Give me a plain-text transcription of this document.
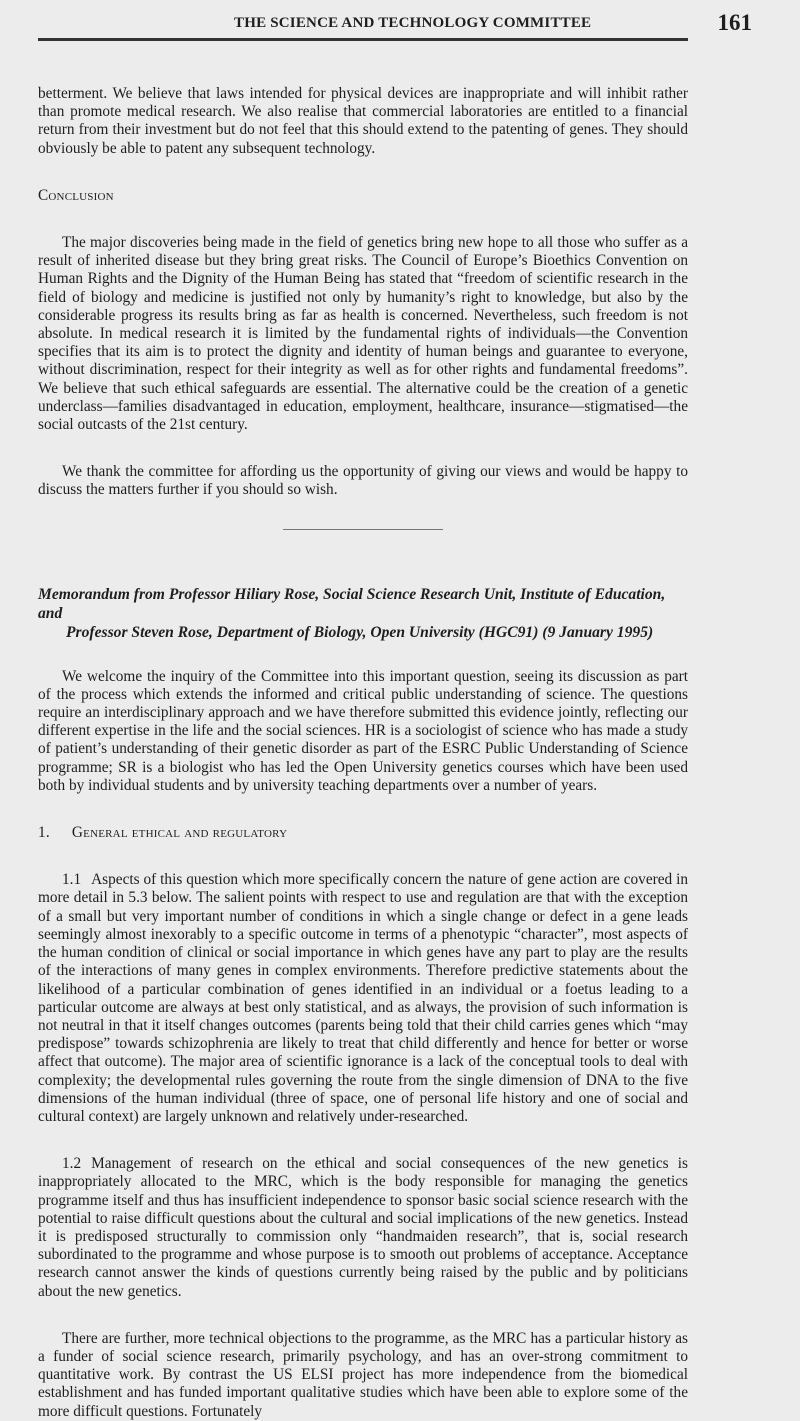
THE SCIENCE AND TECHNOLOGY COMMITTEE	161

betterment. We believe that laws intended for physical devices are inappropriate and will inhibit rather than promote medical research. We also realise that commercial laboratories are entitled to a financial return from their investment but do not feel that this should extend to the patenting of genes. They should obviously be able to patent any subsequent technology.

Conclusion

The major discoveries being made in the field of genetics bring new hope to all those who suffer as a result of inherited disease but they bring great risks. The Council of Europe’s Bioethics Convention on Human Rights and the Dignity of the Human Being has stated that “freedom of scientific research in the field of biology and medicine is justified not only by humanity’s right to knowledge, but also by the considerable progress its results bring as far as health is concerned. Nevertheless, such freedom is not absolute. In medical research it is limited by the fundamental rights of individuals—the Convention specifies that its aim is to protect the dignity and identity of human beings and guarantee to everyone, without discrimination, respect for their integrity as well as for other rights and fundamental freedoms”. We believe that such ethical safeguards are essential. The alternative could be the creation of a genetic underclass—families disadvantaged in education, employment, healthcare, insurance—stigmatised—the social outcasts of the 21st century.

We thank the committee for affording us the opportunity of giving our views and would be happy to discuss the matters further if you should so wish.

Memorandum from Professor Hiliary Rose, Social Science Research Unit, Institute of Education, and
Professor Steven Rose, Department of Biology, Open University (HGC91) (9 January 1995)

We welcome the inquiry of the Committee into this important question, seeing its discussion as part of the process which extends the informed and critical public understanding of science. The questions require an interdisciplinary approach and we have therefore submitted this evidence jointly, reflecting our different expertise in the life and the social sciences. HR is a sociologist of science who has made a study of patient’s understanding of their genetic disorder as part of the ESRC Public Understanding of Science programme; SR is a biologist who has led the Open University genetics courses which have been used both by individual students and by university teaching departments over a number of years.

1. General ethical and regulatory

1.1 Aspects of this question which more specifically concern the nature of gene action are covered in more detail in 5.3 below. The salient points with respect to use and regulation are that with the exception of a small but very important number of conditions in which a single change or defect in a gene leads seemingly almost inexorably to a specific outcome in terms of a phenotypic “character”, most aspects of the human condition of clinical or social importance in which genes have any part to play are the results of the interactions of many genes in complex environments. Therefore predictive statements about the likelihood of a particular combination of genes identified in an individual or a foetus leading to a particular outcome are always at best only statistical, and as always, the provision of such information is not neutral in that it itself changes outcomes (parents being told that their child carries genes which “may predispose” towards schizophrenia are likely to treat that child differently and hence for better or worse affect that outcome). The major area of scientific ignorance is a lack of the conceptual tools to deal with complexity; the developmental rules governing the route from the single dimension of DNA to the five dimensions of the human individual (three of space, one of personal life history and one of social and cultural context) are largely unknown and relatively under-researched.

1.2 Management of research on the ethical and social consequences of the new genetics is inappropriately allocated to the MRC, which is the body responsible for managing the genetics programme itself and thus has insufficient independence to sponsor basic social science research with the potential to raise difficult questions about the cultural and social implications of the new genetics. Instead it is predisposed structurally to commission only “handmaiden research”, that is, social research subordinated to the programme and whose purpose is to smooth out problems of acceptance. Acceptance research cannot answer the kinds of questions currently being raised by the public and by politicians about the new genetics.

There are further, more technical objections to the programme, as the MRC has a particular history as a funder of social science research, primarily psychology, and has an over-strong commitment to quantitative work. By contrast the US ELSI project has more independence from the biomedical establishment and has funded important qualitative studies which have been able to explore some of the more difficult questions. Fortunately
